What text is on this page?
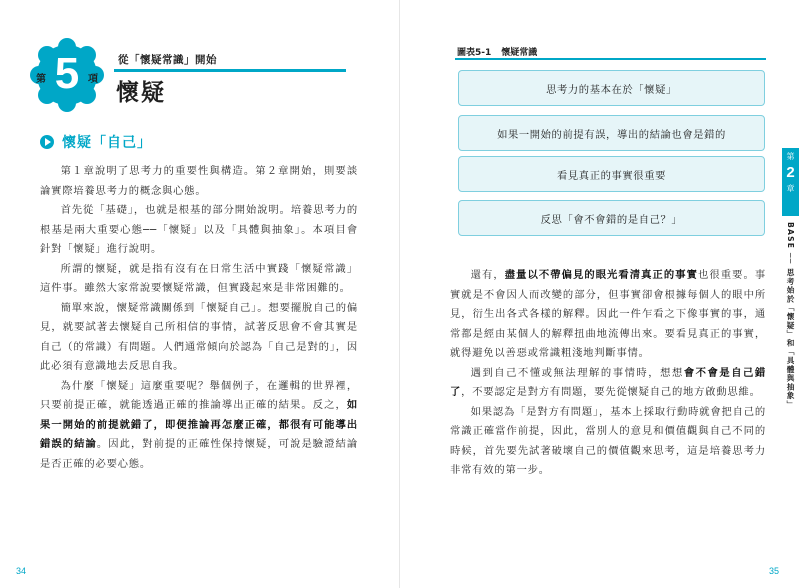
第 5 項
從「懷疑常識」開始
懷疑
懷疑「自己」

第１章說明了思考力的重要性與構造。第２章開始，則要談論實際培養思考力的概念與心態。

首先從「基礎」，也就是根基的部分開始說明。培養思考力的根基是兩大重要心態──「懷疑」以及「具體與抽象」。本項目會針對「懷疑」進行說明。

所謂的懷疑，就是指有沒有在日常生活中實踐「懷疑常識」這件事。雖然大家常說要懷疑常識，但實踐起來是非常困難的。

簡單來說，懷疑常識關係到「懷疑自己」。想要擺脫自己的偏見，就要試著去懷疑自己所相信的事情，試著反思會不會其實是自己（的常識）有問題。人們通常傾向於認為「自己是對的」，因此必須有意識地去反思自我。

為什麼「懷疑」這麼重要呢？舉個例子，在邏輯的世界裡，只要前提正確，就能透過正確的推論導出正確的結果。反之，如果一開始的前提就錯了，即便推論再怎麼正確，都很有可能導出錯誤的結論。因此，對前提的正確性保持懷疑，可說是驗證結論是否正確的必要心態。

34
圖表5-1 懷疑常識
思考力的基本在於「懷疑」
如果一開始的前提有誤，導出的結論也會是錯的
看見真正的事實很重要
反思「會不會錯的是自己？」

還有，盡量以不帶偏見的眼光看清真正的事實也很重要。事實就是不會因人而改變的部分，但事實卻會根據每個人的眼中所見，衍生出各式各樣的解釋。因此一件乍看之下像事實的事，通常都是經由某個人的解釋扭曲地流傳出來。要看見真正的事實，就得避免以善惡或常識粗淺地判斷事情。

遇到自己不懂或無法理解的事情時，想想會不會是自己錯了，不要認定是對方有問題，要先從懷疑自己的地方啟動思維。

如果認為「是對方有問題」，基本上採取行動時就會把自己的常識正確當作前提，因此，當別人的意見和價值觀與自己不同的時候，首先要先試著破壞自己的價值觀來思考，這是培養思考力非常有效的第一步。

第
2
章
BASE ── 思考始於「懷疑」和「具體與抽象」
35
